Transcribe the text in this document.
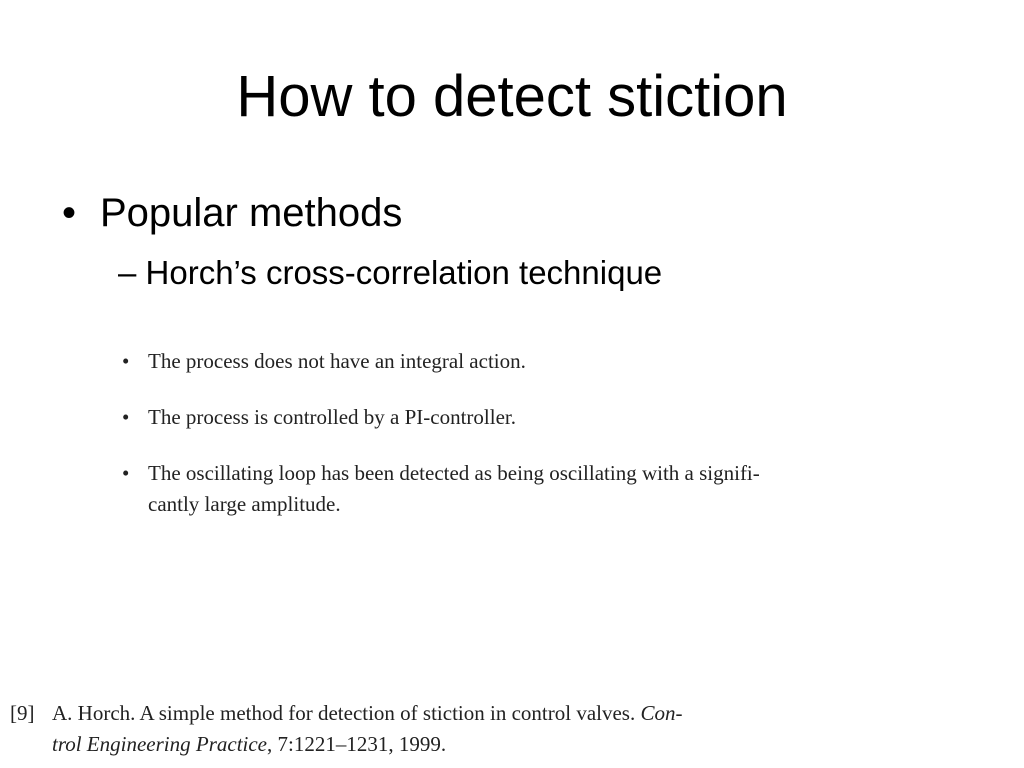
How to detect stiction
• Popular methods
– Horch’s cross-correlation technique
• The process does not have an integral action.
• The process is controlled by a PI-controller.
• The oscillating loop has been detected as being oscillating with a signifi-
cantly large amplitude.
[9] A. Horch. A simple method for detection of stiction in control valves. Con-
trol Engineering Practice, 7:1221–1231, 1999.
